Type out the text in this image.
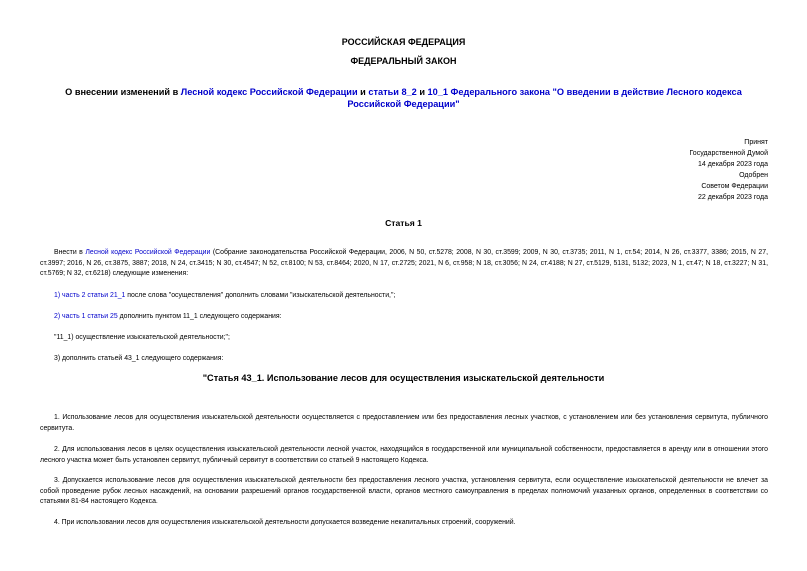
РОССИЙСКАЯ ФЕДЕРАЦИЯ
ФЕДЕРАЛЬНЫЙ ЗАКОН
О внесении изменений в Лесной кодекс Российской Федерации и статьи 8_2 и 10_1 Федерального закона "О введении в действие Лесного кодекса Российской Федерации"
Принят
Государственной Думой
14 декабря 2023 года
Одобрен
Советом Федерации
22 декабря 2023 года
Статья 1
Внести в Лесной кодекс Российской Федерации (Собрание законодательства Российской Федерации, 2006, N 50, ст.5278; 2008, N 30, ст.3599; 2009, N 30, ст.3735; 2011, N 1, ст.54; 2014, N 26, ст.3377, 3386; 2015, N 27, ст.3997; 2016, N 26, ст.3875, 3887; 2018, N 24, ст.3415; N 30, ст.4547; N 52, ст.8100; N 53, ст.8464; 2020, N 17, ст.2725; 2021, N 6, ст.958; N 18, ст.3056; N 24, ст.4188; N 27, ст.5129, 5131, 5132; 2023, N 1, ст.47; N 18, ст.3227; N 31, ст.5769; N 32, ст.6218) следующие изменения:
1) часть 2 статьи 21_1 после слова "осуществления" дополнить словами "изыскательской деятельности,";
2) часть 1 статьи 25 дополнить пунктом 11_1 следующего содержания:
"11_1) осуществление изыскательской деятельности;";
3) дополнить статьей 43_1 следующего содержания:
"Статья 43_1. Использование лесов для осуществления изыскательской деятельности
1. Использование лесов для осуществления изыскательской деятельности осуществляется с предоставлением или без предоставления лесных участков, с установлением или без установления сервитута, публичного сервитута.
2. Для использования лесов в целях осуществления изыскательской деятельности лесной участок, находящийся в государственной или муниципальной собственности, предоставляется в аренду или в отношении этого лесного участка может быть установлен сервитут, публичный сервитут в соответствии со статьей 9 настоящего Кодекса.
3. Допускается использование лесов для осуществления изыскательской деятельности без предоставления лесного участка, установления сервитута, если осуществление изыскательской деятельности не влечет за собой проведение рубок лесных насаждений, на основании разрешений органов государственной власти, органов местного самоуправления в пределах полномочий указанных органов, определенных в соответствии со статьями 81-84 настоящего Кодекса.
4. При использовании лесов для осуществления изыскательской деятельности допускается возведение некапитальных строений, сооружений.
